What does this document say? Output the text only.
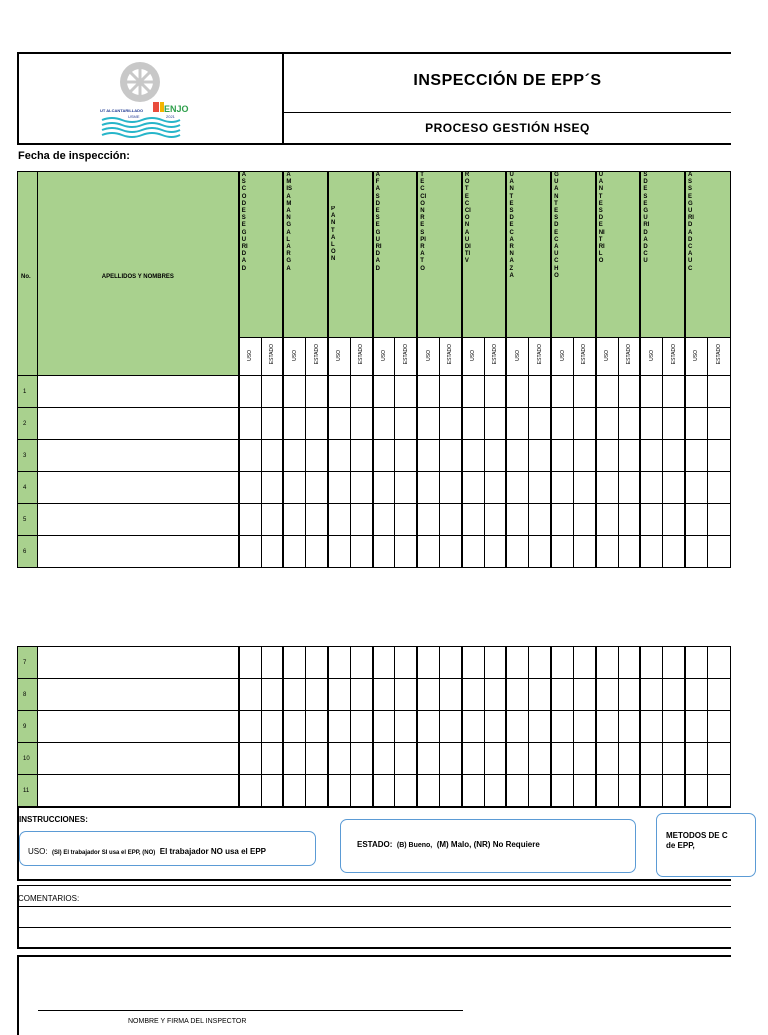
UT ALCANTARILLADO
USME
ENJO
2021
INSPECCIÓN DE EPP´S
PROCESO GESTIÓN HSEQ
Fecha de inspección:
No.	APELLIDOS Y NOMBRES	ASCO DE SEGURIDAD		AMISA MANGA LARGA		PANTALON		AFAS DE SEGURIDAD		TECCION RESPIRATO		ROTECCION AUDITIV		UANTES DE CARNAZA		GUANTES DE CAUCHO		UANTES DE NITRILO		S DE SEGURIDAD CU		AS SEGURIDAD CAUC	

		USO	ESTADO	USO	ESTADO	USO	ESTADO	USO	ESTADO	USO	ESTADO	USO	ESTADO	USO	ESTADO	USO	ESTADO	USO	ESTADO	USO	ESTADO	USO	ESTADO
1																							
2																							
3																							
4																							
5																							
6																							
7																							
8																							
9																							
10																							
11																							
INSTRUCCIONES:
USO: (SI) El trabajador SI usa el EPP, (NO) El trabajador NO usa el EPP
ESTADO: (B) Bueno, (M) Malo, (NR) No Requiere
METODOS DE C
de EPP,
COMENTARIOS:
NOMBRE Y FIRMA DEL INSPECTOR
